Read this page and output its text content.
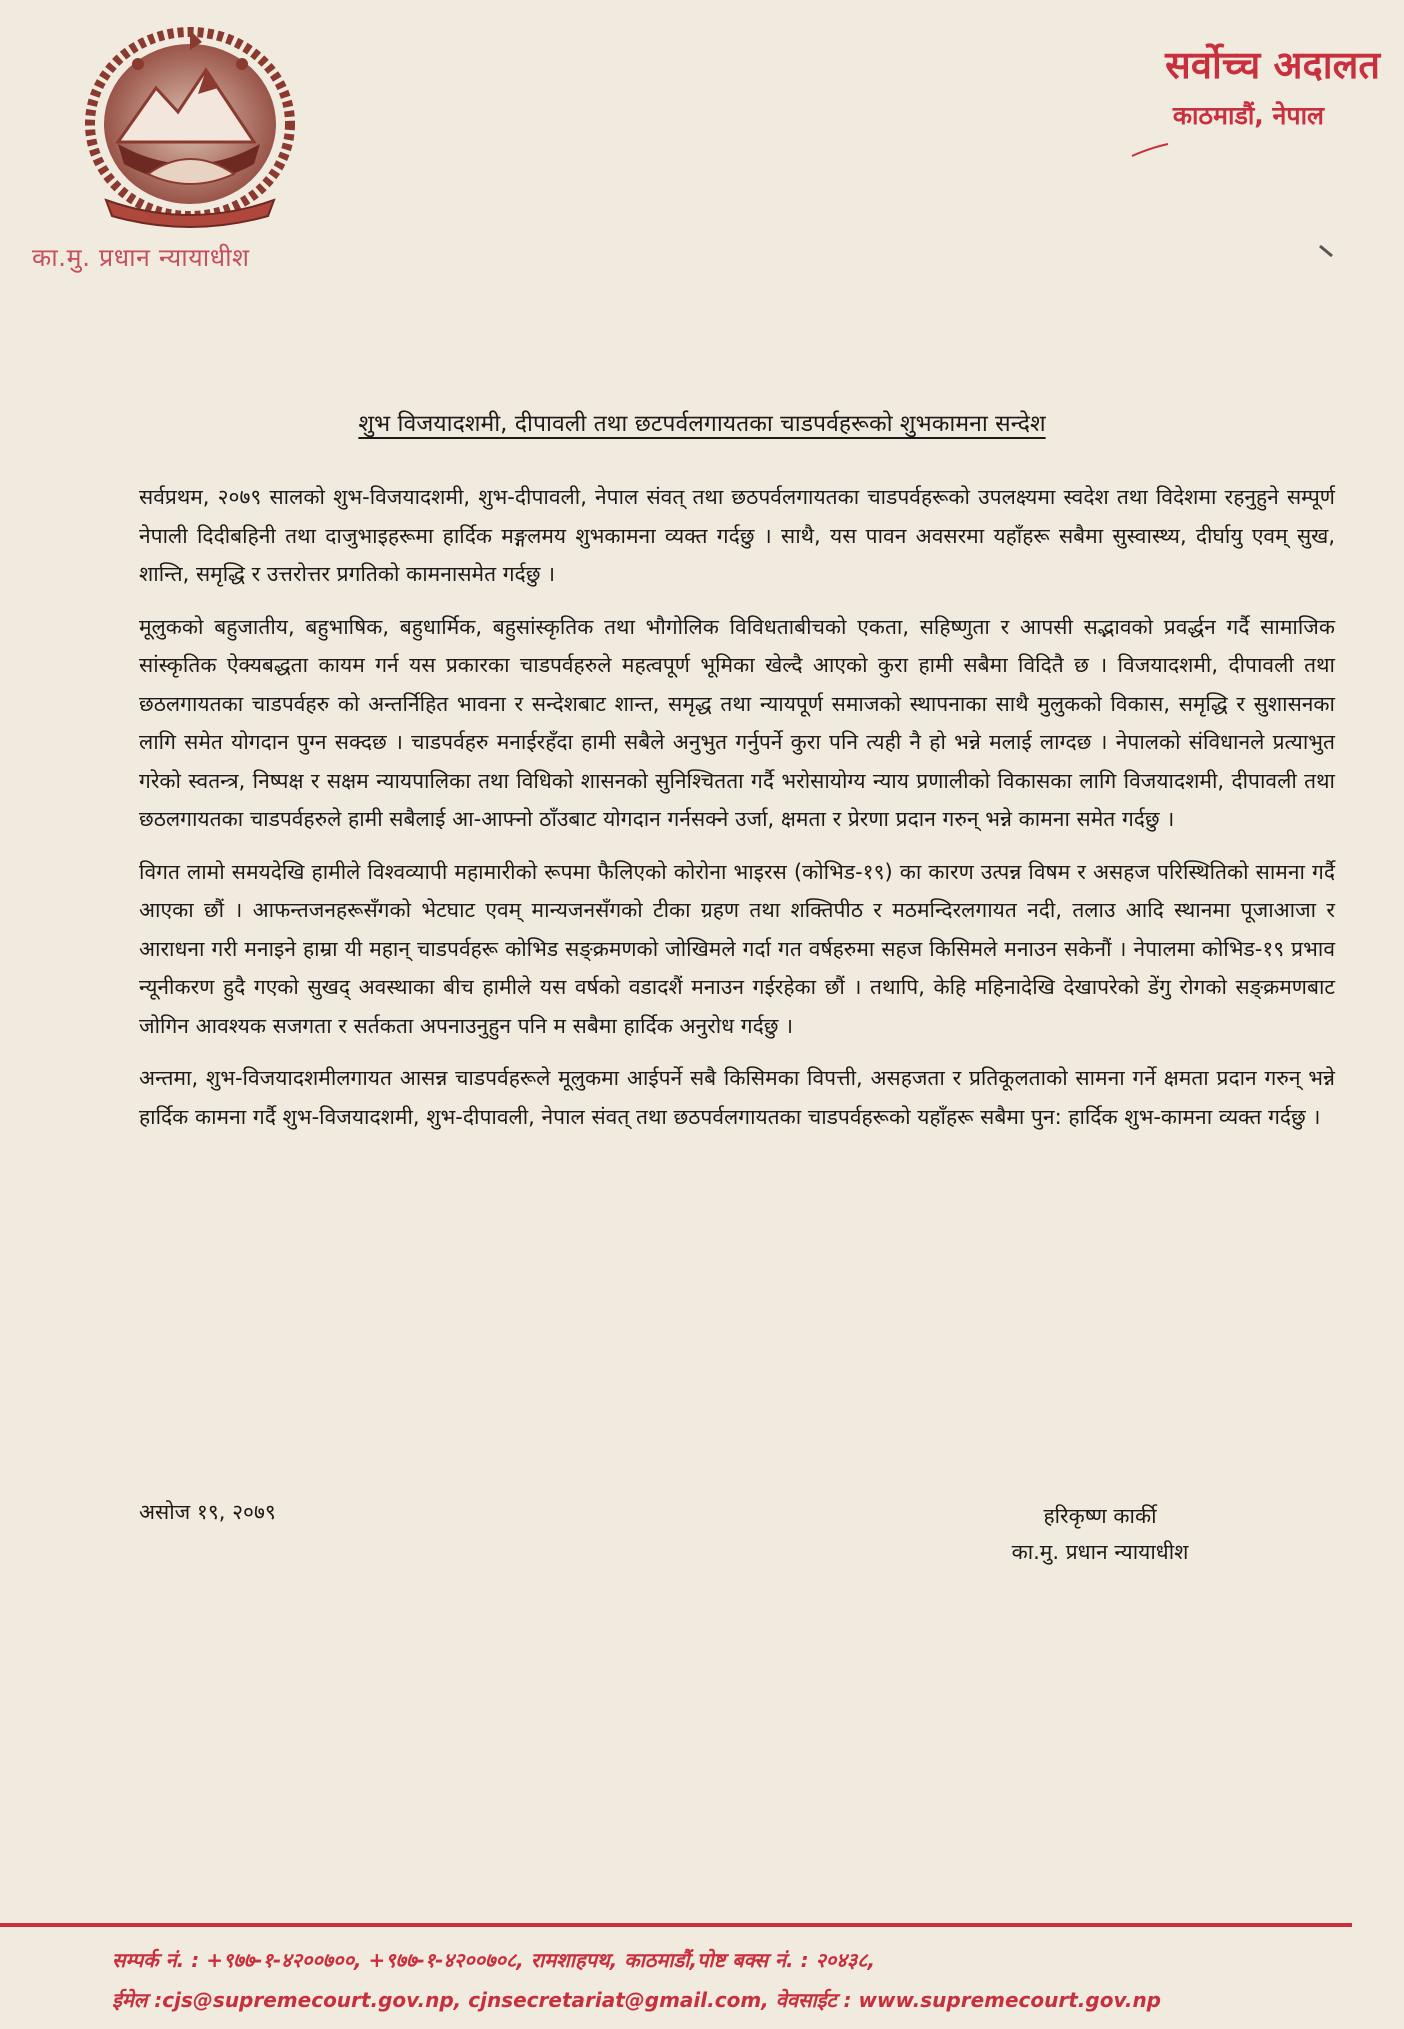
का.मु. प्रधान न्यायाधीश
सर्वोच्च अदालत
काठमाडौं, नेपाल
शुभ विजयादशमी, दीपावली तथा छटपर्वलगायतका चाडपर्वहरूको शुभकामना सन्देश

सर्वप्रथम, २०७९ सालको शुभ-विजयादशमी, शुभ-दीपावली, नेपाल संवत् तथा छठपर्वलगायतका चाडपर्वहरूको उपलक्ष्यमा स्वदेश तथा विदेशमा रहनुहुने सम्पूर्ण नेपाली दिदीबहिनी तथा दाजुभाइहरूमा हार्दिक मङ्गलमय शुभकामना व्यक्त गर्दछु । साथै, यस पावन अवसरमा यहाँहरू सबैमा सुस्वास्थ्य, दीर्घायु एवम् सुख, शान्ति, समृद्धि र उत्तरोत्तर प्रगतिको कामनासमेत गर्दछु ।

मूलुकको बहुजातीय, बहुभाषिक, बहुधार्मिक, बहुसांस्कृतिक तथा भौगोलिक विविधताबीचको एकता, सहिष्णुता र आपसी सद्भावको प्रवर्द्धन गर्दै सामाजिक सांस्कृतिक ऐक्यबद्धता कायम गर्न यस प्रकारका चाडपर्वहरुले महत्वपूर्ण भूमिका खेल्दै आएको कुरा हामी सबैमा विदितै छ । विजयादशमी, दीपावली तथा छठलगायतका चाडपर्वहरु को अन्तर्निहित भावना र सन्देशबाट शान्त, समृद्ध तथा न्यायपूर्ण समाजको स्थापनाका साथै मुलुकको विकास, समृद्धि र सुशासनका लागि समेत योगदान पुग्न सक्दछ । चाडपर्वहरु मनाईरहँदा हामी सबैले अनुभुत गर्नुपर्ने कुरा पनि त्यही नै हो भन्ने मलाई लाग्दछ । नेपालको संविधानले प्रत्याभुत गरेको स्वतन्त्र, निष्पक्ष र सक्षम न्यायपालिका तथा विधिको शासनको सुनिश्चितता गर्दै भरोसायोग्य न्याय प्रणालीको विकासका लागि विजयादशमी, दीपावली तथा छठलगायतका चाडपर्वहरुले हामी सबैलाई आ-आफ्नो ठाँउबाट योगदान गर्नसक्ने उर्जा, क्षमता र प्रेरणा प्रदान गरुन् भन्ने कामना समेत गर्दछु ।

विगत लामो समयदेखि हामीले विश्वव्यापी महामारीको रूपमा फैलिएको कोरोना भाइरस (कोभिड-१९) का कारण उत्पन्न विषम र असहज परिस्थितिको सामना गर्दै आएका छौं । आफन्तजनहरूसँगको भेटघाट एवम् मान्यजनसँगको टीका ग्रहण तथा शक्तिपीठ र मठमन्दिरलगायत नदी, तलाउ आदि स्थानमा पूजाआजा र आराधना गरी मनाइने हाम्रा यी महान् चाडपर्वहरू कोभिड सङ्क्रमणको जोखिमले गर्दा गत वर्षहरुमा सहज किसिमले मनाउन सकेनौं । नेपालमा कोभिड-१९ प्रभाव न्यूनीकरण हुदै गएको सुखद् अवस्थाका बीच हामीले यस वर्षको वडादशैं मनाउन गईरहेका छौं । तथापि, केहि महिनादेखि देखापरेको डेंगु रोगको सङ्क्रमणबाट जोगिन आवश्यक सजगता र सर्तकता अपनाउनुहुन पनि म सबैमा हार्दिक अनुरोध गर्दछु ।

अन्तमा, शुभ-विजयादशमीलगायत आसन्न चाडपर्वहरूले मूलुकमा आईपर्ने सबै किसिमका विपत्ती, असहजता र प्रतिकूलताको सामना गर्ने क्षमता प्रदान गरुन् भन्ने हार्दिक कामना गर्दै शुभ-विजयादशमी, शुभ-दीपावली, नेपाल संवत् तथा छठपर्वलगायतका चाडपर्वहरूको यहाँहरू सबैमा पुन: हार्दिक शुभ-कामना व्यक्त गर्दछु ।

असोज १९, २०७९	हरिकृष्ण कार्की
का.मु. प्रधान न्यायाधीश
सम्पर्क नं. : +९७७-१-४२००७००, +९७७-१-४२००७०८, रामशाहपथ, काठमाडौं,पोष्ट बक्स नं. : २०४३८,
ईमेल :cjs@supremecourt.gov.np, cjnsecretariat@gmail.com, वेवसाईट : www.supremecourt.gov.np
